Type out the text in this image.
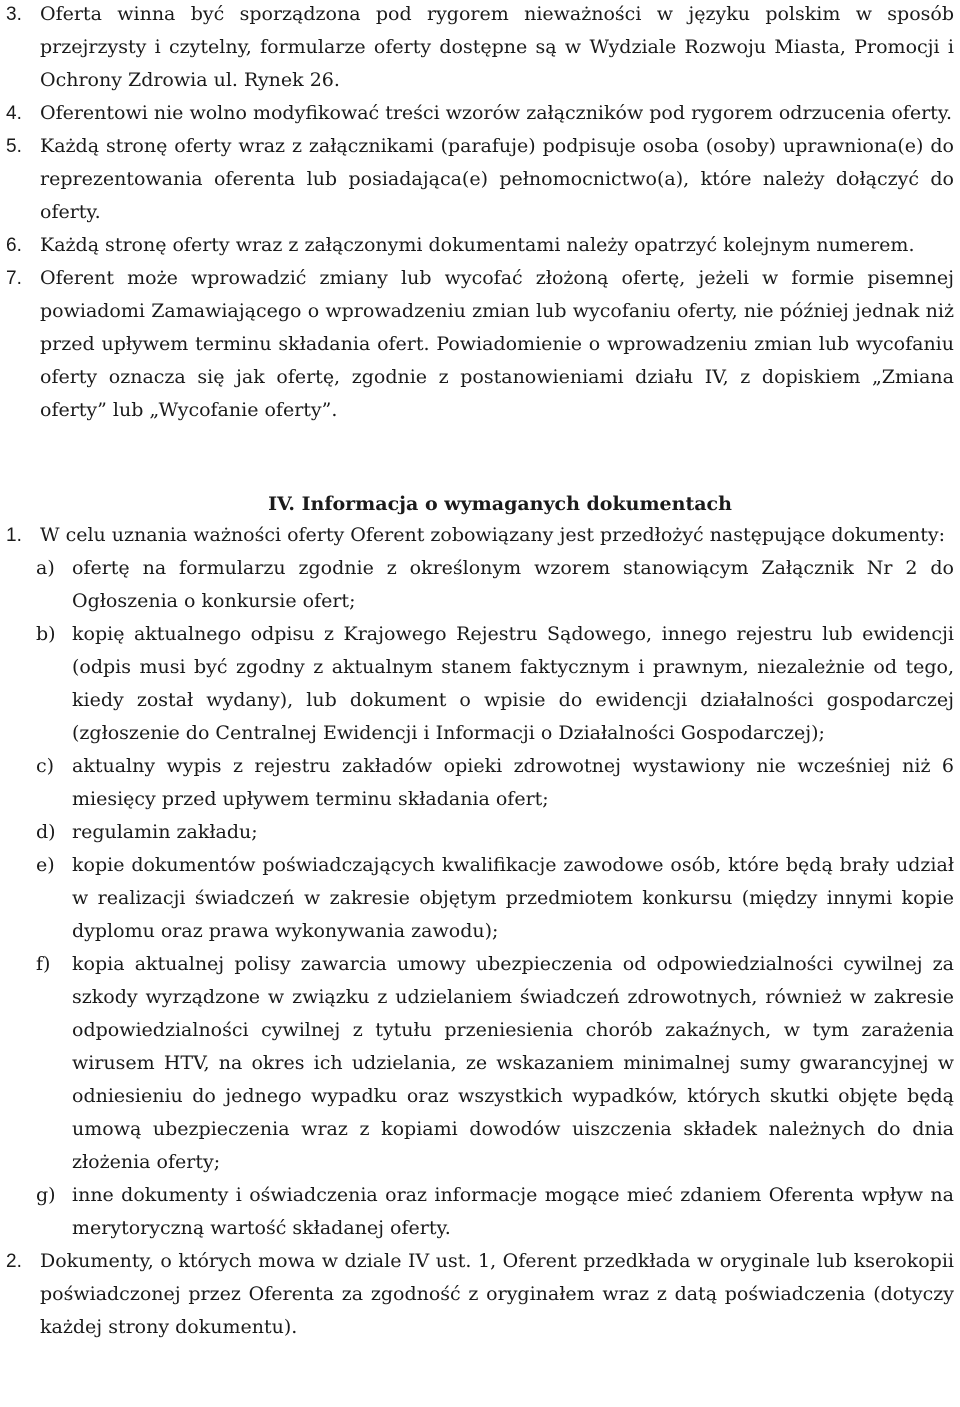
3. Oferta winna być sporządzona pod rygorem nieważności w języku polskim w sposób przejrzysty i czytelny, formularze oferty dostępne są w Wydziale Rozwoju Miasta, Promocji i Ochrony Zdrowia ul. Rynek 26.
4. Oferentowi nie wolno modyfikować treści wzorów załączników pod rygorem odrzucenia oferty.
5. Każdą stronę oferty wraz z załącznikami (parafuje) podpisuje osoba (osoby) uprawniona(e) do reprezentowania oferenta lub posiadająca(e) pełnomocnictwo(a), które należy dołączyć do oferty.
6. Każdą stronę oferty wraz z załączonymi dokumentami należy opatrzyć kolejnym numerem.
7. Oferent może wprowadzić zmiany lub wycofać złożoną ofertę, jeżeli w formie pisemnej powiadomi Zamawiającego o wprowadzeniu zmian lub wycofaniu oferty, nie później jednak niż przed upływem terminu składania ofert. Powiadomienie o wprowadzeniu zmian lub wycofaniu oferty oznacza się jak ofertę, zgodnie z postanowieniami działu IV, z dopiskiem „Zmiana oferty” lub „Wycofanie oferty”.
IV. Informacja o wymaganych dokumentach
1. W celu uznania ważności oferty Oferent zobowiązany jest przedłożyć następujące dokumenty:
a) ofertę na formularzu zgodnie z określonym wzorem stanowiącym Załącznik Nr 2 do Ogłoszenia o konkursie ofert;
b) kopię aktualnego odpisu z Krajowego Rejestru Sądowego, innego rejestru lub ewidencji (odpis musi być zgodny z aktualnym stanem faktycznym i prawnym, niezależnie od tego, kiedy został wydany), lub dokument o wpisie do ewidencji działalności gospodarczej (zgłoszenie do Centralnej Ewidencji i Informacji o Działalności Gospodarczej);
c) aktualny wypis z rejestru zakładów opieki zdrowotnej wystawiony nie wcześniej niż 6 miesięcy przed upływem terminu składania ofert;
d) regulamin zakładu;
e) kopie dokumentów poświadczających kwalifikacje zawodowe osób, które będą brały udział w realizacji świadczeń w zakresie objętym przedmiotem konkursu (między innymi kopie dyplomu oraz prawa wykonywania zawodu);
f) kopia aktualnej polisy zawarcia umowy ubezpieczenia od odpowiedzialności cywilnej za szkody wyrządzone w związku z udzielaniem świadczeń zdrowotnych, również w zakresie odpowiedzialności cywilnej z tytułu przeniesienia chorób zakaźnych, w tym zarażenia wirusem HTV, na okres ich udzielania, ze wskazaniem minimalnej sumy gwarancyjnej w odniesieniu do jednego wypadku oraz wszystkich wypadków, których skutki objęte będą umową ubezpieczenia wraz z kopiami dowodów uiszczenia składek należnych do dnia złożenia oferty;
g) inne dokumenty i oświadczenia oraz informacje mogące mieć zdaniem Oferenta wpływ na merytoryczną wartość składanej oferty.
2. Dokumenty, o których mowa w dziale IV ust. 1, Oferent przedkłada w oryginale lub kserokopii poświadczonej przez Oferenta za zgodność z oryginałem wraz z datą poświadczenia (dotyczy każdej strony dokumentu).
